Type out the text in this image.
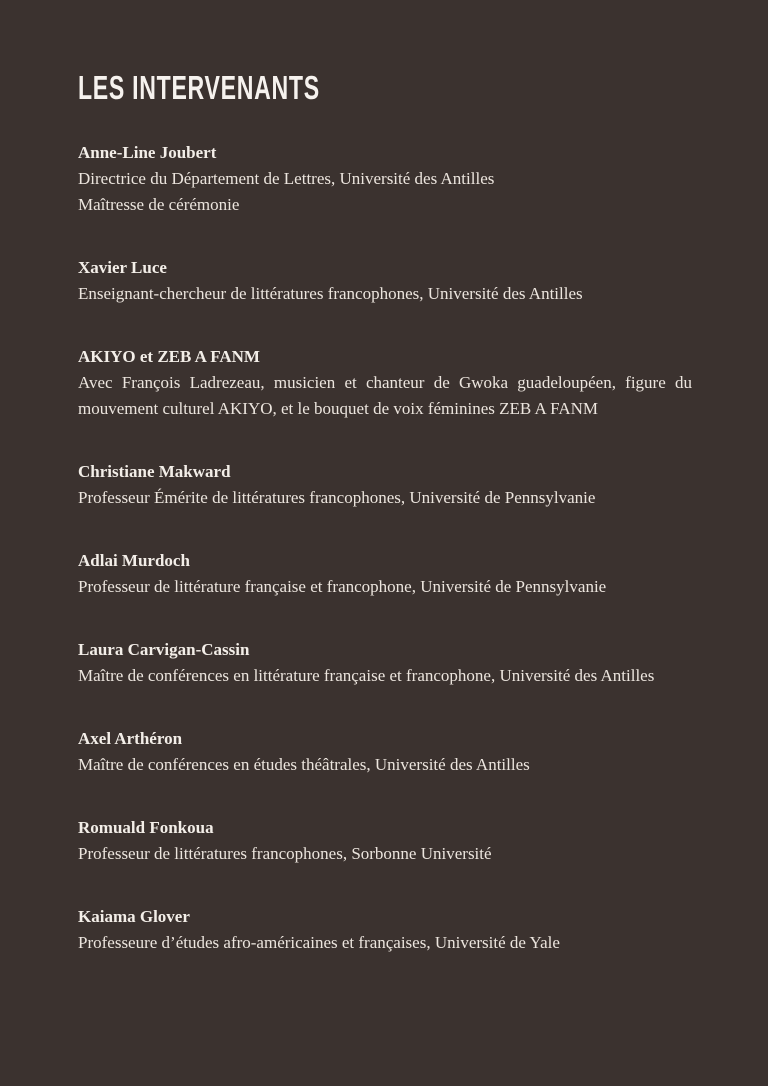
LES INTERVENANTS
Anne-Line Joubert

Directrice du Département de Lettres, Université des Antilles

Maîtresse de cérémonie

Xavier Luce

Enseignant-chercheur de littératures francophones, Université des Antilles

AKIYO et ZEB A FANM

Avec François Ladrezeau, musicien et chanteur de Gwoka guadeloupéen, figure du mouvement culturel AKIYO, et le bouquet de voix féminines ZEB A FANM

Christiane Makward

Professeur Émérite de littératures francophones, Université de Pennsylvanie

Adlai Murdoch

Professeur de littérature française et francophone, Université de Pennsylvanie

Laura Carvigan-Cassin

Maître de conférences en littérature française et francophone, Université des Antilles

Axel Arthéron

Maître de conférences en études théâtrales, Université des Antilles

Romuald Fonkoua

Professeur de littératures francophones, Sorbonne Université

Kaiama Glover

Professeure d’études afro-américaines et françaises, Université de Yale
